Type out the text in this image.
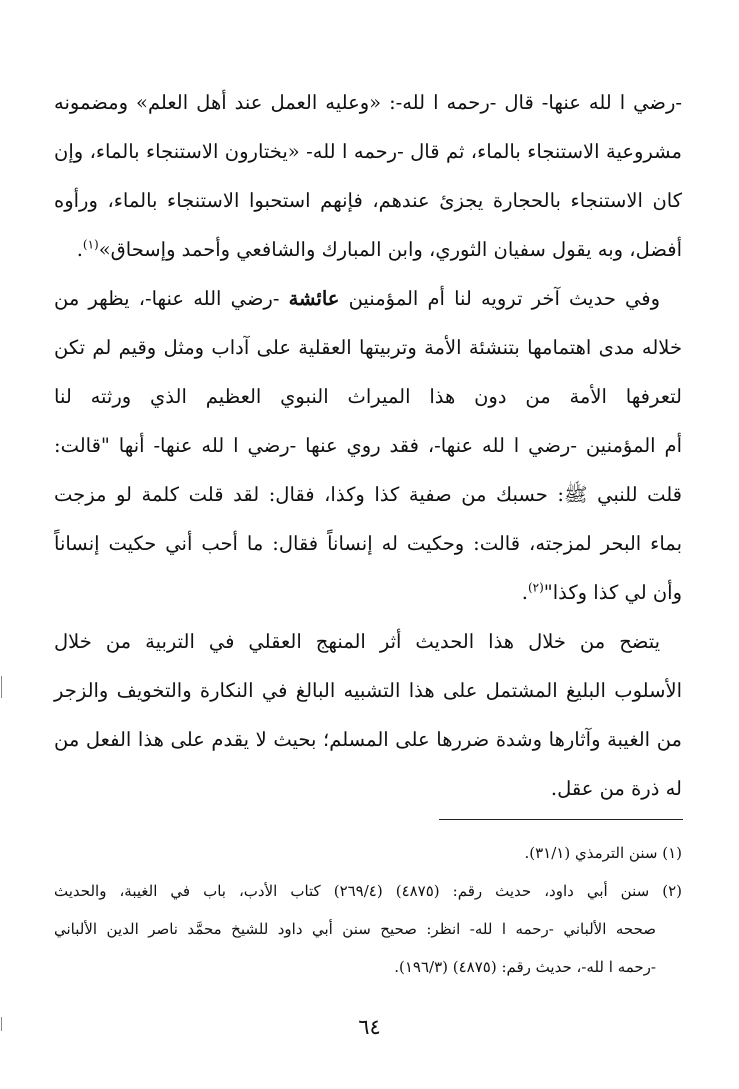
-رضي ا لله عنها- قال -رحمه ا لله-: «وعليه العمل عند أهل العلم» ومضمونه
مشروعية الاستنجاء بالماء، ثم قال -رحمه ا لله- «يختارون الاستنجاء بالماء، وإن
كان الاستنجاء بالحجارة يجزئ عندهم، فإنهم استحبوا الاستنجاء بالماء، ورأوه
أفضل، وبه يقول سفيان الثوري، وابن المبارك والشافعي وأحمد وإسحاق»$^{(١)}$.

وفي حديث آخر ترويه لنا أم المؤمنين عائشة -رضي الله عنها-، يظهر من
خلاله مدى اهتمامها بتنشئة الأمة وتربيتها العقلية على آداب ومثل وقيم لم تكن
لتعرفها الأمة من دون هذا الميراث النبوي العظيم الذي ورثته لنا
أم المؤمنين -رضي ا لله عنها-، فقد روي عنها -رضي ا لله عنها- أنها "قالت:
قلت للنبي ﷺ: حسبك من صفية كذا وكذا، فقال: لقد قلت كلمة لو مزجت
بماء البحر لمزجته، قالت: وحكيت له إنساناً فقال: ما أحب أني حكيت إنساناً
وأن لي كذا وكذا"$^{(٢)}$.

يتضح من خلال هذا الحديث أثر المنهج العقلي في التربية من خلال
الأسلوب البليغ المشتمل على هذا التشبيه البالغ في النكارة والتخويف والزجر
من الغيبة وآثارها وشدة ضررها على المسلم؛ بحيث لا يقدم على هذا الفعل من
له ذرة من عقل.

(١) سنن الترمذي (٣١/١).
(٢) سنن أبي داود، حديث رقم: (٤٨٧٥) (٢٦٩/٤) كتاب الأدب، باب في الغيبة، والحديث
صححه الألباني -رحمه ا لله- انظر: صحيح سنن أبي داود للشيخ محمَّد ناصر الدين الألباني
-رحمه ا لله-، حديث رقم: (٤٨٧٥) (١٩٦/٣).
٦٤
